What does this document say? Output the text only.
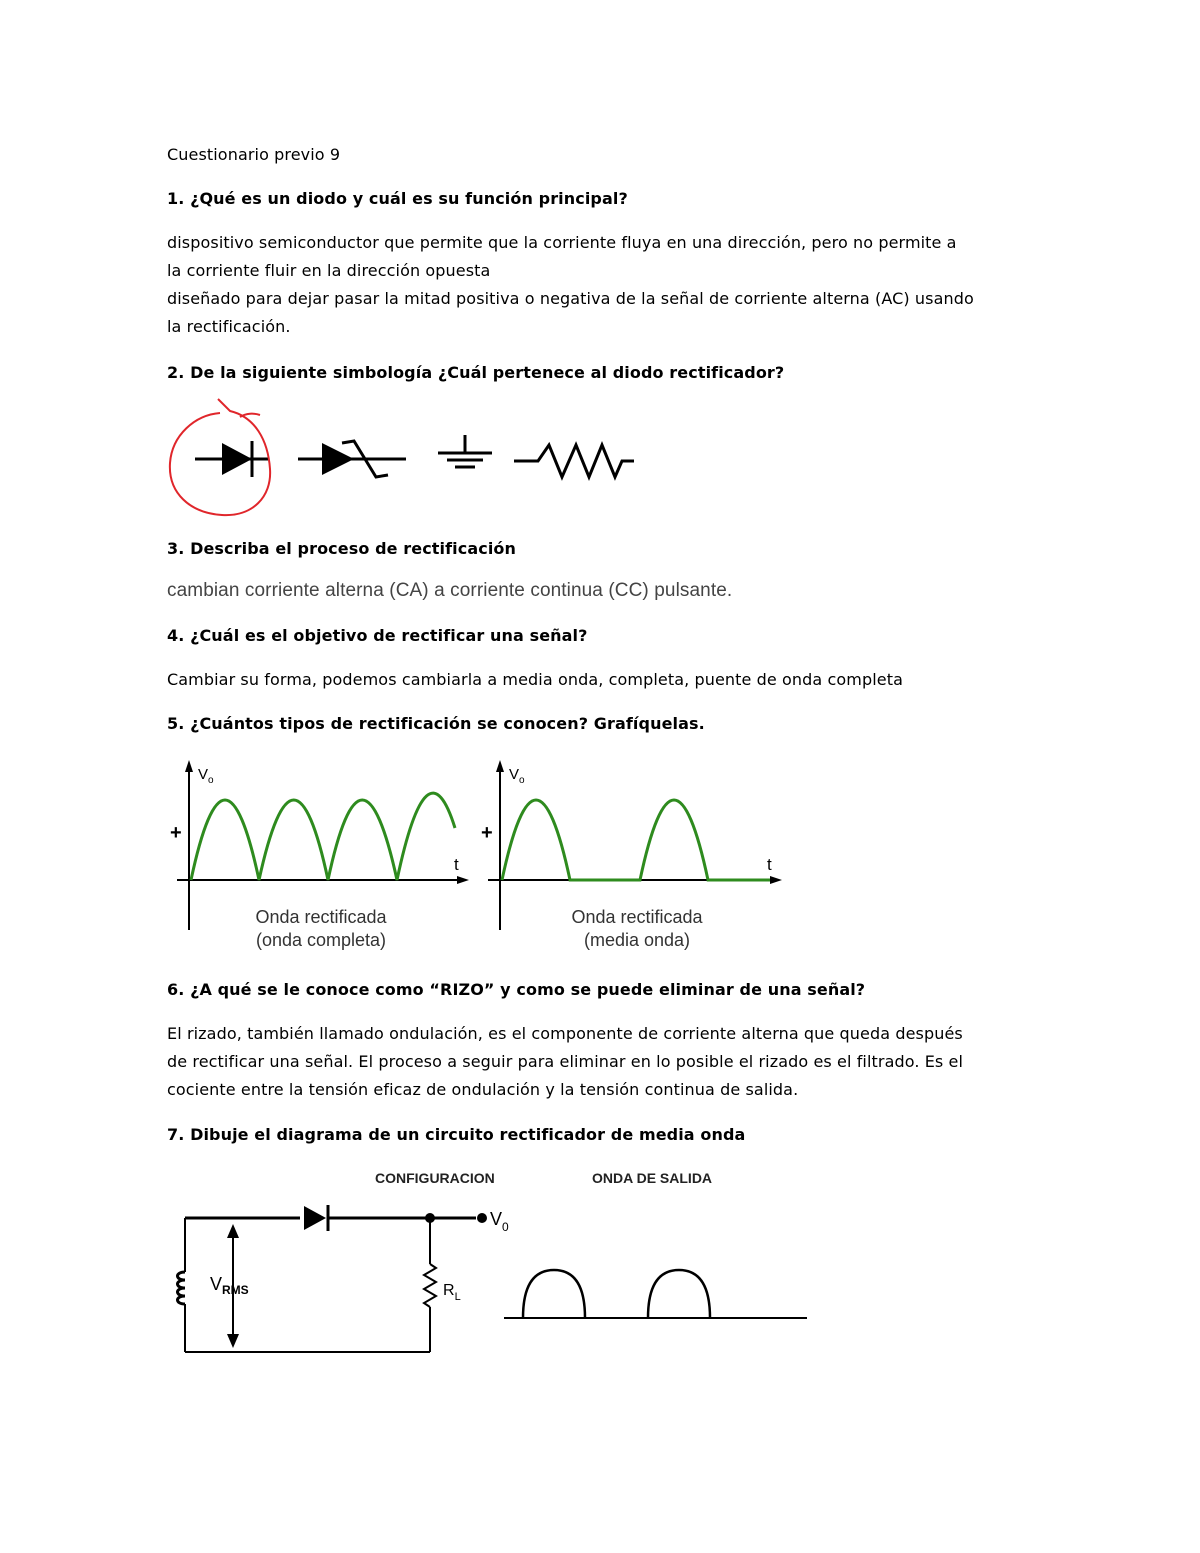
Cuestionario previo 9

1. ¿Qué es un diodo y cuál es su función principal?

dispositivo semiconductor que permite que la corriente fluya en una dirección, pero no permite a

la corriente fluir en la dirección opuesta

diseñado para dejar pasar la mitad positiva o negativa de la señal de corriente alterna (AC) usando

la rectificación.

2. De la siguiente simbología ¿Cuál pertenece al diodo rectificador?

3. Describa el proceso de rectificación

cambian corriente alterna (CA) a corriente continua (CC) pulsante.

4. ¿Cuál es el objetivo de rectificar una señal?

Cambiar su forma, podemos cambiarla a media onda, completa, puente de onda completa

5. ¿Cuántos tipos de rectificación se conocen? Grafíquelas.

$V_o$
+
t
Onda rectificada
(onda completa)
$V_o$
+
t
Onda rectificada
(media onda)

6. ¿A qué se le conoce como “RIZO” y como se puede eliminar de una señal?

El rizado, también llamado ondulación, es el componente de corriente alterna que queda después

de rectificar una señal. El proceso a seguir para eliminar en lo posible el rizado es el filtrado. Es el

cociente entre la tensión eficaz de ondulación y la tensión continua de salida.

7. Dibuje el diagrama de un circuito rectificador de media onda

CONFIGURACION	ONDA DE SALIDA
$V_0$
$V_{RMS}$	$R_L$
